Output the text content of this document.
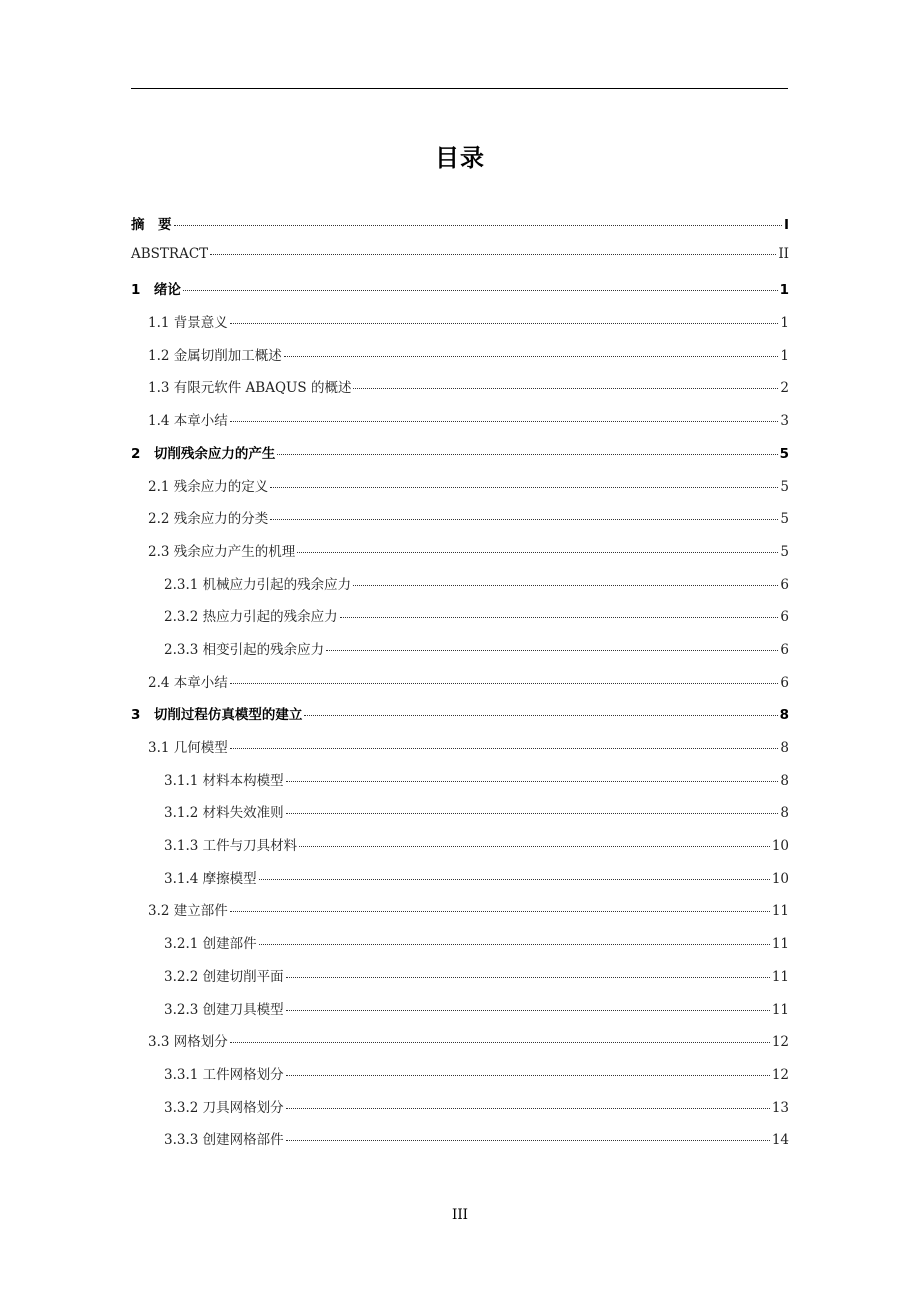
目录
摘　要	I
ABSTRACT	II
1　绪论	1
1.1 背景意义	1
1.2 金属切削加工概述	1
1.3 有限元软件 ABAQUS 的概述	2
1.4 本章小结	3
2　切削残余应力的产生	5
2.1 残余应力的定义	5
2.2 残余应力的分类	5
2.3 残余应力产生的机理	5
2.3.1 机械应力引起的残余应力	6
2.3.2 热应力引起的残余应力	6
2.3.3 相变引起的残余应力	6
2.4 本章小结	6
3　切削过程仿真模型的建立	8
3.1 几何模型	8
3.1.1 材料本构模型	8
3.1.2 材料失效准则	8
3.1.3 工件与刀具材料	10
3.1.4 摩擦模型	10
3.2 建立部件	11
3.2.1 创建部件	11
3.2.2 创建切削平面	11
3.2.3 创建刀具模型	11
3.3 网格划分	12
3.3.1 工件网格划分	12
3.3.2 刀具网格划分	13
3.3.3 创建网格部件	14
III
